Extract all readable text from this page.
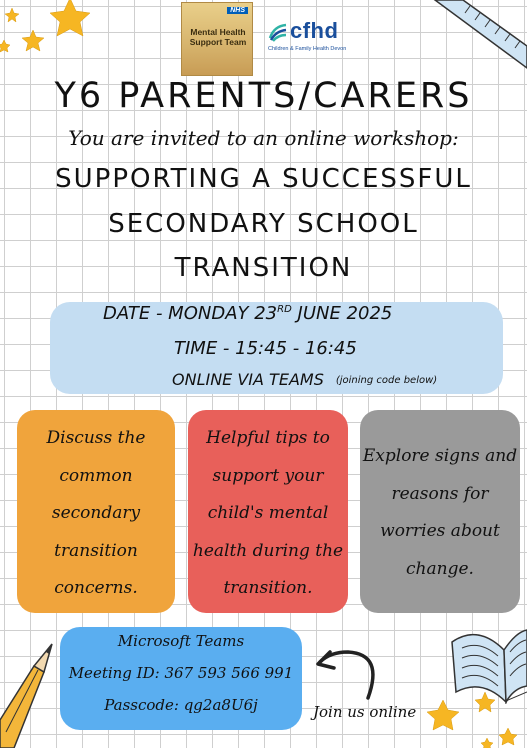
NHS
Mental Health Support Team cfhd
Children & Family Health Devon
Y6 PARENTS/CARERS
You are invited to an online workshop:
SUPPORTING A SUCCESSFUL
SECONDARY SCHOOL
TRANSITION
DATE - MONDAY 23RD JUNE 2025
TIME - 15:45 - 16:45
ONLINE VIA TEAMS (joining code below)
Discuss the
common
secondary
transition
concerns.
Helpful tips to
support your
child's mental
health during the
transition.
Explore signs and
reasons for
worries about
change.
Microsoft Teams
Meeting ID: 367 593 566 991
Passcode: qg2a8U6j	Join us online
